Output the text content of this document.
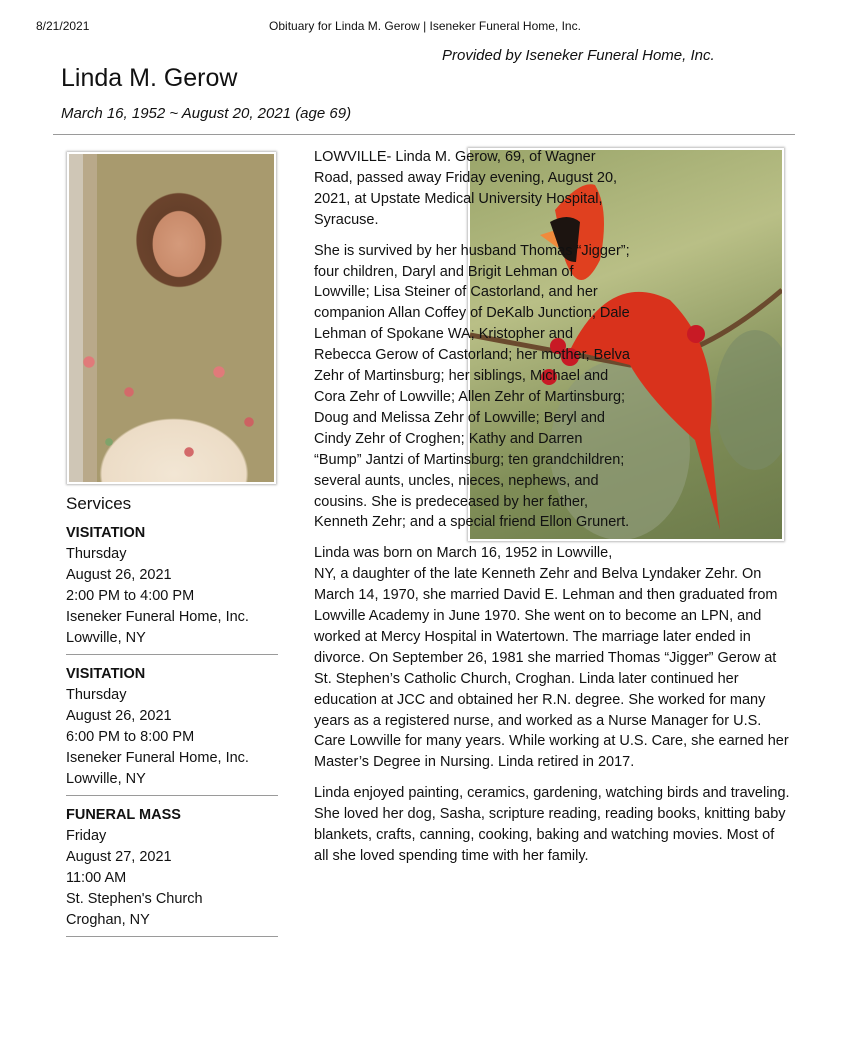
8/21/2021	Obituary for Linda M. Gerow | Iseneker Funeral Home, Inc.
Provided by Iseneker Funeral Home, Inc.
Linda M. Gerow
March 16, 1952 ~ August 20, 2021 (age 69)
Services
VISITATION
Thursday
August 26, 2021
2:00 PM to 4:00 PM
Iseneker Funeral Home, Inc.
Lowville, NY
VISITATION
Thursday
August 26, 2021
6:00 PM to 8:00 PM
Iseneker Funeral Home, Inc.
Lowville, NY
FUNERAL MASS
Friday
August 27, 2021
11:00 AM
St. Stephen's Church
Croghan, NY

LOWVILLE- Linda M. Gerow, 69, of Wagner Road, passed away Friday evening, August 20, 2021, at Upstate Medical University Hospital, Syracuse.

She is survived by her husband Thomas “Jigger”; four children, Daryl and Brigit Lehman of Lowville; Lisa Steiner of Castorland, and her companion Allan Coffey of DeKalb Junction; Dale Lehman of Spokane WA; Kristopher and Rebecca Gerow of Castorland; her mother, Belva Zehr of Martinsburg; her siblings, Michael and Cora Zehr of Lowville; Allen Zehr of Martinsburg; Doug and Melissa Zehr of Lowville; Beryl and Cindy Zehr of Croghen; Kathy and Darren “Bump” Jantzi of Martinsburg; ten grandchildren; several aunts, uncles, nieces, nephews, and cousins. She is predeceased by her father, Kenneth Zehr; and a special friend Ellon Grunert.

Linda was born on March 16, 1952 in Lowville, NY, a daughter of the late Kenneth Zehr and Belva Lyndaker Zehr. On March 14, 1970, she married David E. Lehman and then graduated from Lowville Academy in June 1970. She went on to become an LPN, and worked at Mercy Hospital in Watertown. The marriage later ended in divorce. On September 26, 1981 she married Thomas “Jigger” Gerow at St. Stephen’s Catholic Church, Croghan. Linda later continued her education at JCC and obtained her R.N. degree. She worked for many years as a registered nurse, and worked as a Nurse Manager for U.S. Care Lowville for many years. While working at U.S. Care, she earned her Master’s Degree in Nursing. Linda retired in 2017.

Linda enjoyed painting, ceramics, gardening, watching birds and traveling. She loved her dog, Sasha, scripture reading, reading books, knitting baby blankets, crafts, canning, cooking, baking and watching movies. Most of all she loved spending time with her family.
